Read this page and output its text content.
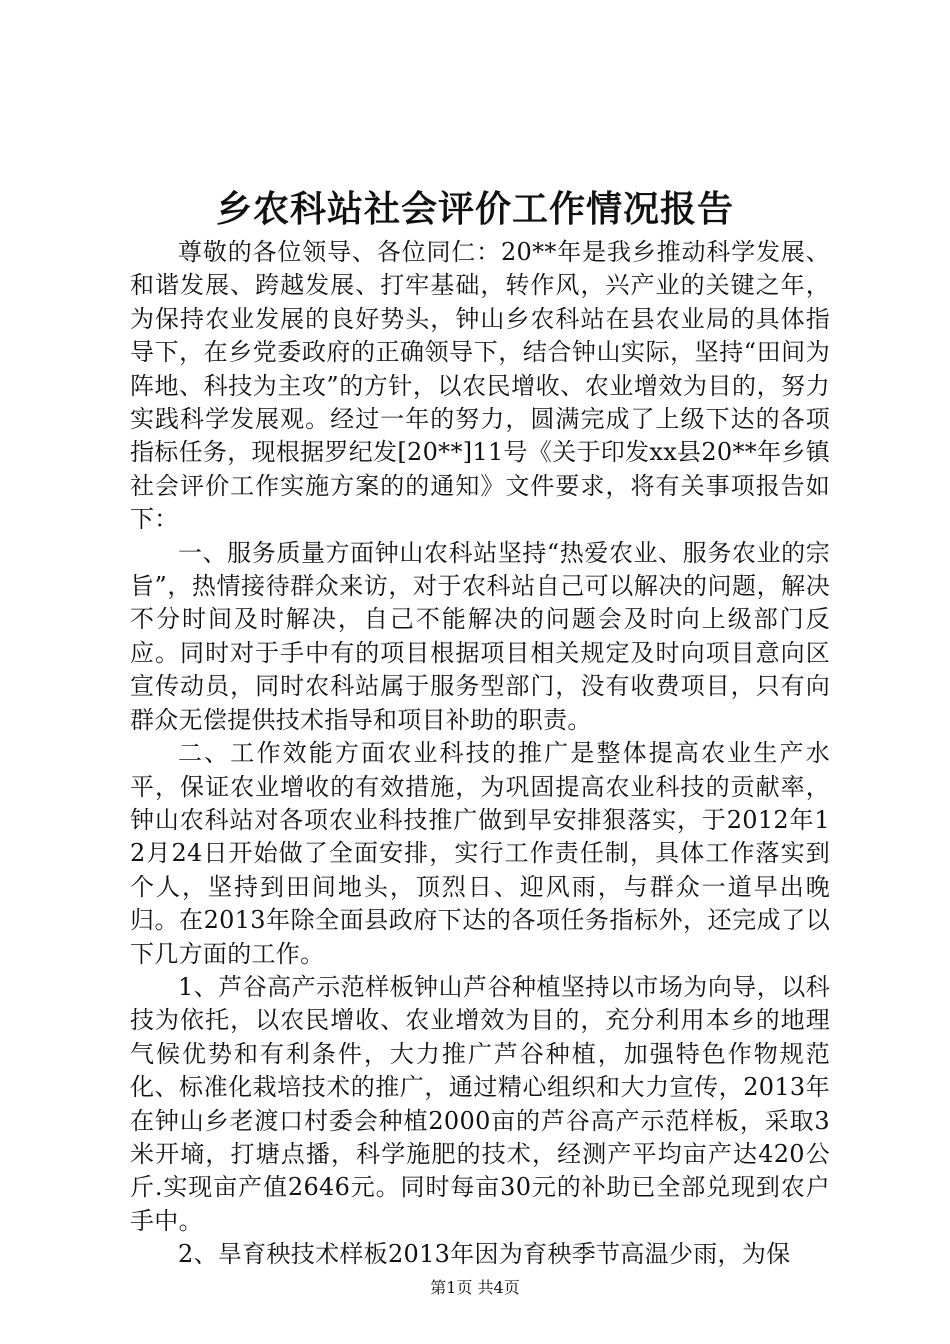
乡农科站社会评价工作情况报告

尊敬的各位领导、各位同仁：20**年是我乡推动科学发展、和谐发展、跨越发展、打牢基础，转作风，兴产业的关键之年，为保持农业发展的良好势头，钟山乡农科站在县农业局的具体指导下，在乡党委政府的正确领导下，结合钟山实际，坚持“田间为阵地、科技为主攻”的方针，以农民增收、农业增效为目的，努力实践科学发展观。经过一年的努力，圆满完成了上级下达的各项指标任务，现根据罗纪发[20**]11号《关于印发xx县20**年乡镇社会评价工作实施方案的的通知》文件要求，将有关事项报告如下：

一、服务质量方面钟山农科站坚持“热爱农业、服务农业的宗旨”，热情接待群众来访，对于农科站自己可以解决的问题，解决不分时间及时解决，自己不能解决的问题会及时向上级部门反应。同时对于手中有的项目根据项目相关规定及时向项目意向区宣传动员，同时农科站属于服务型部门，没有收费项目，只有向群众无偿提供技术指导和项目补助的职责。

二、工作效能方面农业科技的推广是整体提高农业生产水平，保证农业增收的有效措施，为巩固提高农业科技的贡献率，钟山农科站对各项农业科技推广做到早安排狠落实，于2012年12月24日开始做了全面安排，实行工作责任制，具体工作落实到个人，坚持到田间地头，顶烈日、迎风雨，与群众一道早出晚归。在2013年除全面县政府下达的各项任务指标外，还完成了以下几方面的工作。

1、芦谷高产示范样板钟山芦谷种植坚持以市场为向导，以科技为依托，以农民增收、农业增效为目的，充分利用本乡的地理气候优势和有利条件，大力推广芦谷种植，加强特色作物规范化、标准化栽培技术的推广，通过精心组织和大力宣传，2013年在钟山乡老渡口村委会种植2000亩的芦谷高产示范样板，采取3米开墒，打塘点播，科学施肥的技术，经测产平均亩产达420公斤.实现亩产值2646元。同时每亩30元的补助已全部兑现到农户手中。

2、旱育秧技术样板2013年因为育秧季节高温少雨，为保

第1页 共4页
